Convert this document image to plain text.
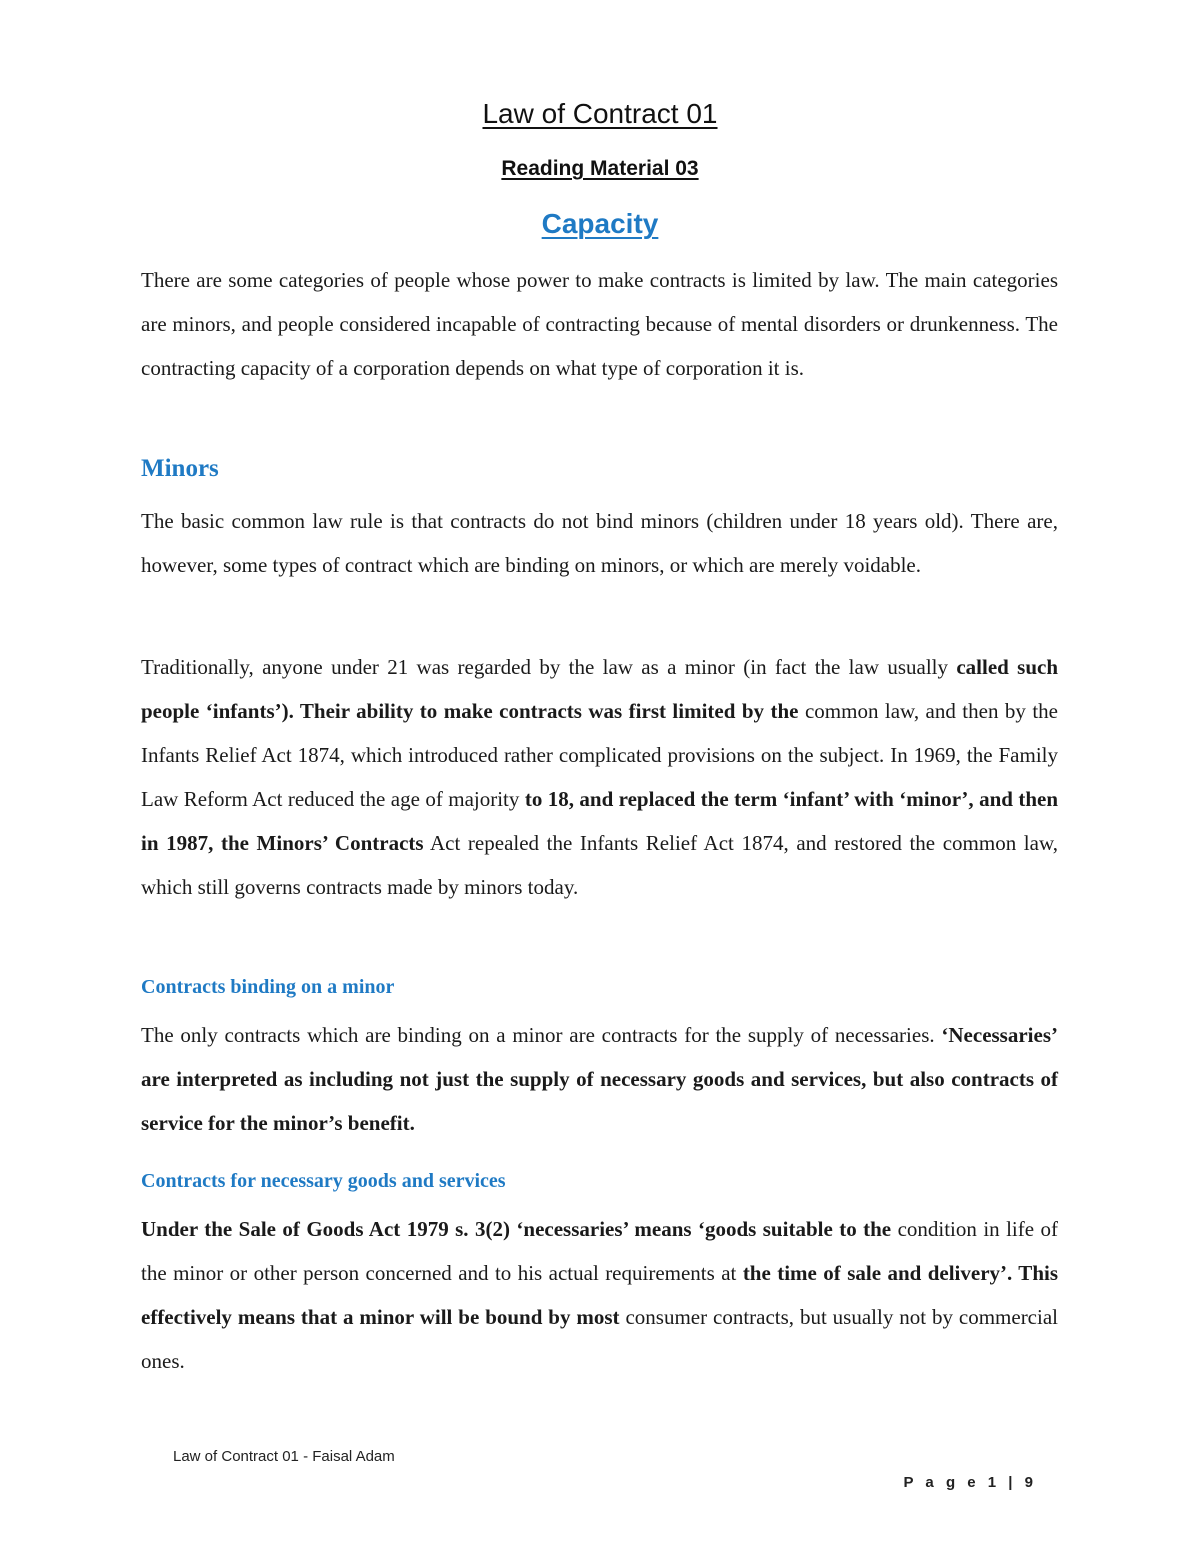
Law of Contract 01
Reading Material 03
Capacity

There are some categories of people whose power to make contracts is limited by law. The main categories are minors, and people considered incapable of contracting because of mental disorders or drunkenness. The contracting capacity of a corporation depends on what type of corporation it is.

Minors

The basic common law rule is that contracts do not bind minors (children under 18 years old). There are, however, some types of contract which are binding on minors, or which are merely voidable.

Traditionally, anyone under 21 was regarded by the law as a minor (in fact the law usually called such people ‘infants’). Their ability to make contracts was first limited by the common law, and then by the Infants Relief Act 1874, which introduced rather complicated provisions on the subject. In 1969, the Family Law Reform Act reduced the age of majority to 18, and replaced the term ‘infant’ with ‘minor’, and then in 1987, the Minors’ Contracts Act repealed the Infants Relief Act 1874, and restored the common law, which still governs contracts made by minors today.
Contracts binding on a minor
The only contracts which are binding on a minor are contracts for the supply of necessaries. ‘Necessaries’ are interpreted as including not just the supply of necessary goods and services, but also contracts of service for the minor’s benefit.
Contracts for necessary goods and services
Under the Sale of Goods Act 1979 s. 3(2) ‘necessaries’ means ‘goods suitable to the condition in life of the minor or other person concerned and to his actual requirements at the time of sale and delivery’. This effectively means that a minor will be bound by most consumer contracts, but usually not by commercial ones.
Law of Contract 01 - Faisal Adam
P a g e 1 | 9
